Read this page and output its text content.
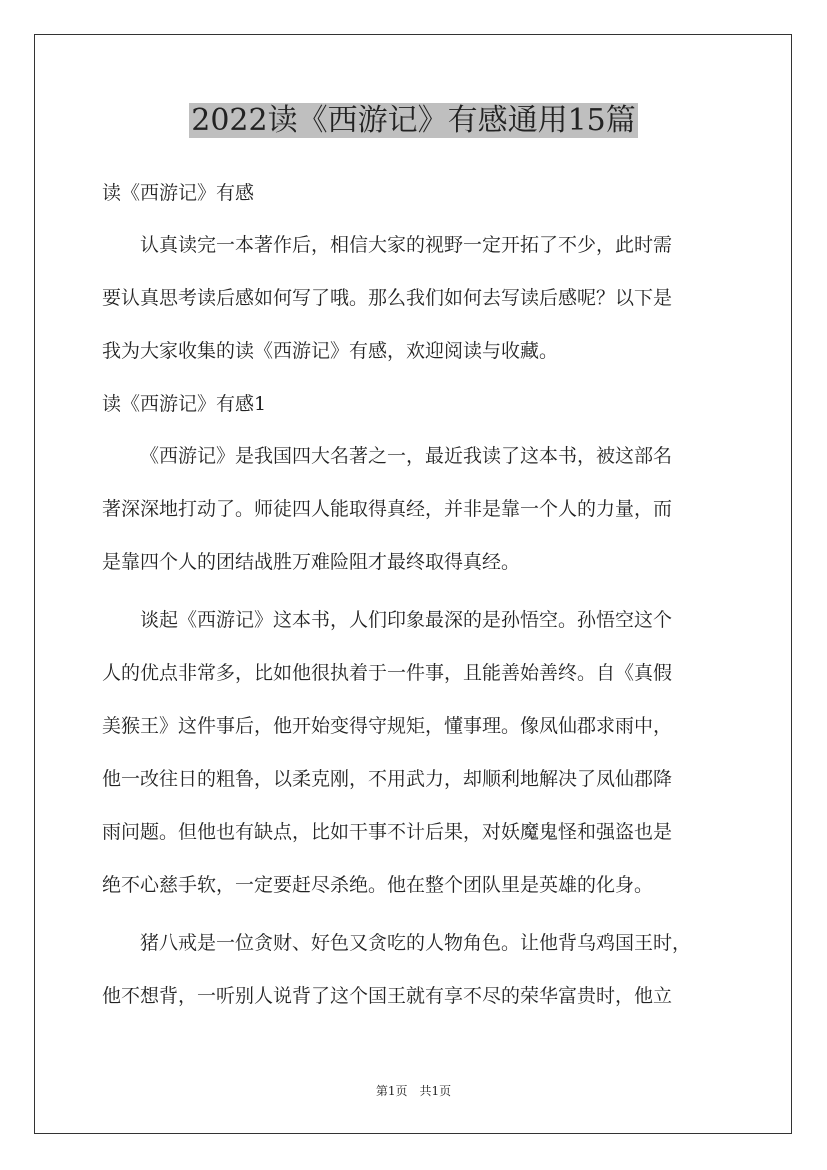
2022读《西游记》有感通用15篇

读《西游记》有感

认真读完一本著作后，相信大家的视野一定开拓了不少，此时需
要认真思考读后感如何写了哦。那么我们如何去写读后感呢？以下是
我为大家收集的读《西游记》有感，欢迎阅读与收藏。

读《西游记》有感1

《西游记》是我国四大名著之一，最近我读了这本书，被这部名
著深深地打动了。师徒四人能取得真经，并非是靠一个人的力量，而
是靠四个人的团结战胜万难险阻才最终取得真经。

谈起《西游记》这本书，人们印象最深的是孙悟空。孙悟空这个
人的优点非常多，比如他很执着于一件事，且能善始善终。自《真假
美猴王》这件事后，他开始变得守规矩，懂事理。像凤仙郡求雨中，
他一改往日的粗鲁，以柔克刚，不用武力，却顺利地解决了凤仙郡降
雨问题。但他也有缺点，比如干事不计后果，对妖魔鬼怪和强盗也是
绝不心慈手软，一定要赶尽杀绝。他在整个团队里是英雄的化身。

猪八戒是一位贪财、好色又贪吃的人物角色。让他背乌鸡国王时，
他不想背，一听别人说背了这个国王就有享不尽的荣华富贵时，他立

第1页　共1页
